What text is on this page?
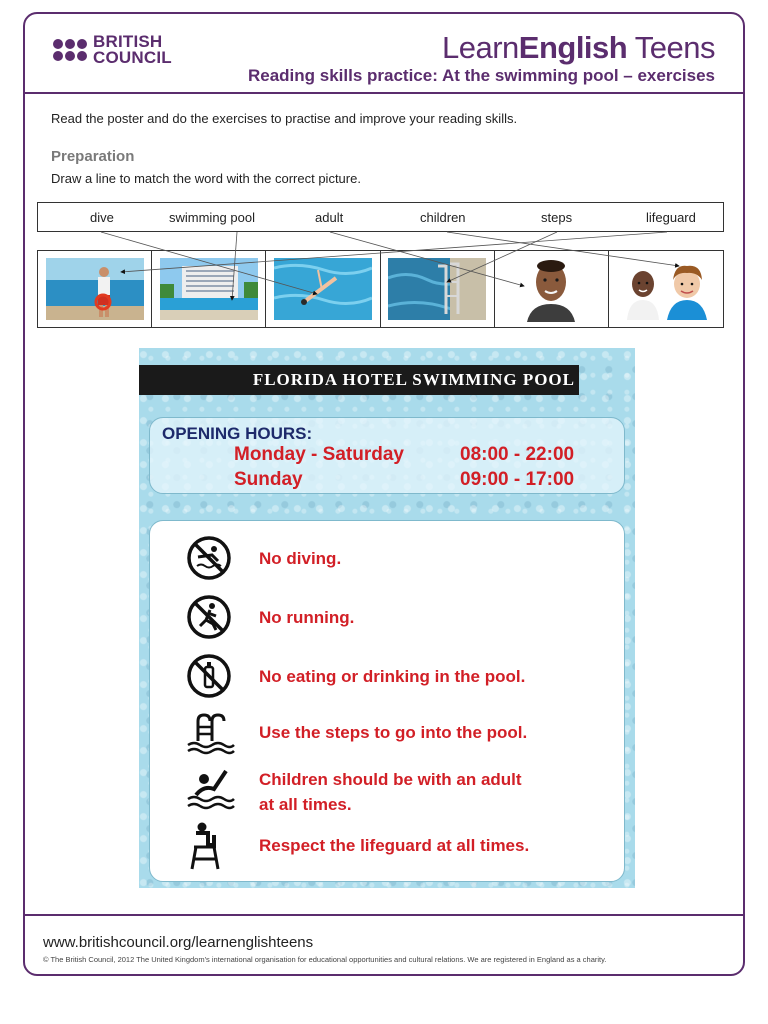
BRITISH
COUNCIL	LearnEnglish Teens
Reading skills practice: At the swimming pool – exercises
Read the poster and do the exercises to practise and improve your reading skills.
Preparation
Draw a line to match the word with the correct picture.
dive	swimming pool	adult	children	steps	lifeguard
FLORIDA HOTEL SWIMMING POOL
OPENING HOURS:
Monday - Saturday	08:00 - 22:00
Sunday	09:00 - 17:00
No diving.
No running.
No eating or drinking in the pool.
Use the steps to go into the pool.
Children should be with an adult
at all times.
Respect the lifeguard at all times.
www.britishcouncil.org/learnenglishteens
© The British Council, 2012 The United Kingdom's international organisation for educational opportunities and cultural relations. We are registered in England as a charity.
